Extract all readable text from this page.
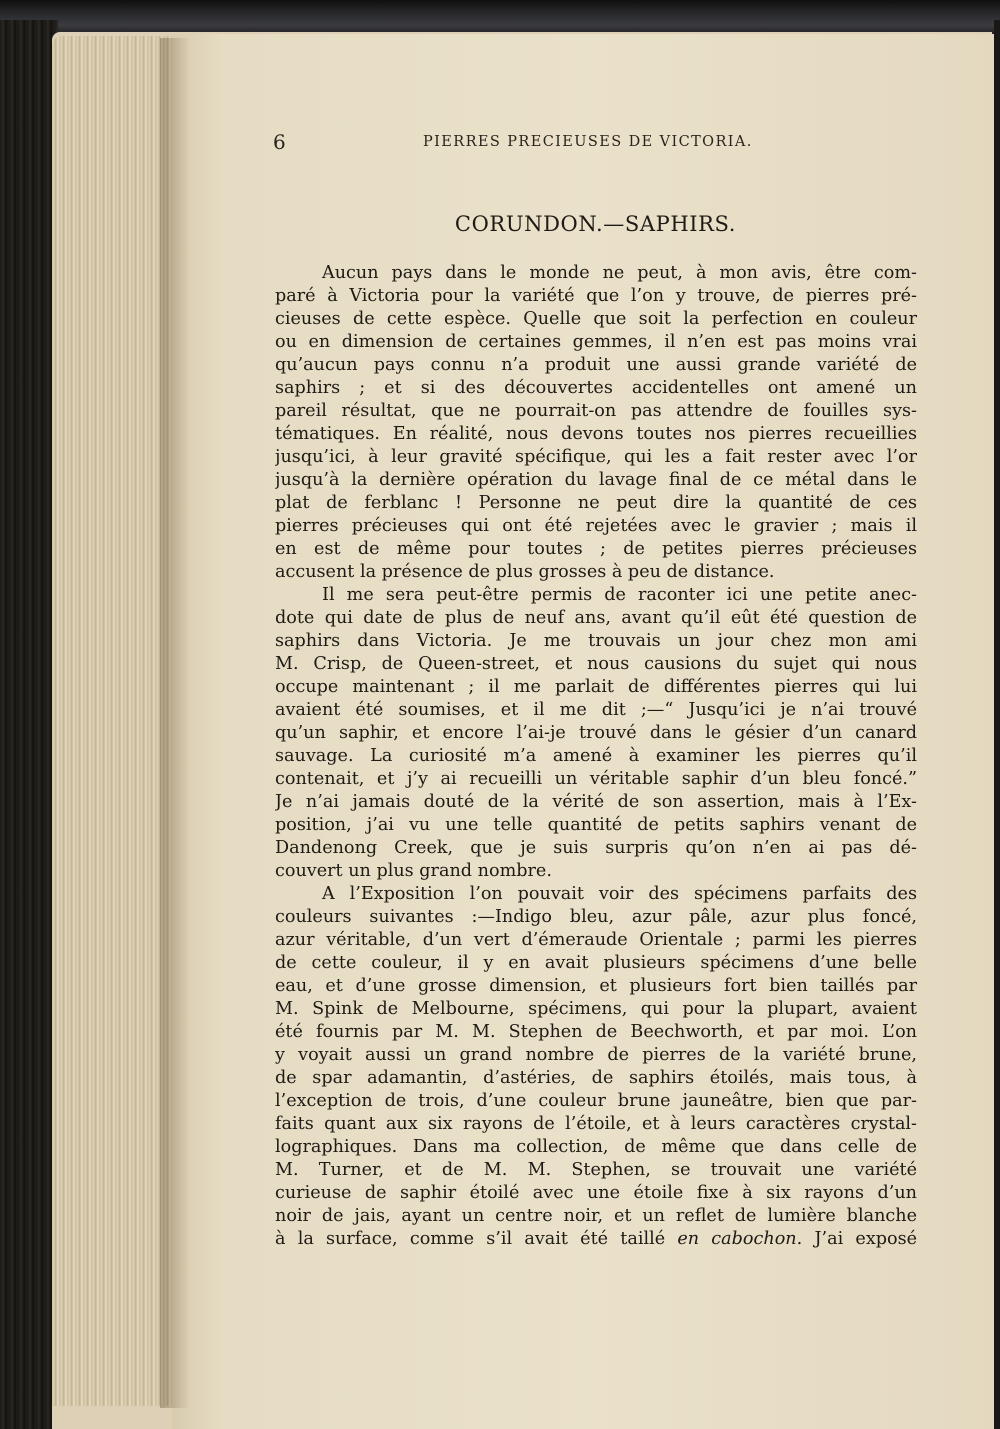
6	PIERRES PRECIEUSES DE VICTORIA.
CORUNDON.—SAPHIRS.
Aucun pays dans le monde ne peut, à mon avis, être com-
paré à Victoria pour la variété que l’on y trouve, de pierres pré-
cieuses de cette espèce. Quelle que soit la perfection en couleur
ou en dimension de certaines gemmes, il n’en est pas moins vrai
qu’aucun pays connu n’a produit une aussi grande variété de
saphirs ; et si des découvertes accidentelles ont amené un
pareil résultat, que ne pourrait-on pas attendre de fouilles sys-
tématiques. En réalité, nous devons toutes nos pierres recueillies
jusqu’ici, à leur gravité spécifique, qui les a fait rester avec l’or
jusqu’à la dernière opération du lavage final de ce métal dans le
plat de ferblanc ! Personne ne peut dire la quantité de ces
pierres précieuses qui ont été rejetées avec le gravier ; mais il
en est de même pour toutes ; de petites pierres précieuses
accusent la présence de plus grosses à peu de distance.
Il me sera peut-être permis de raconter ici une petite anec-
dote qui date de plus de neuf ans, avant qu’il eût été question de
saphirs dans Victoria. Je me trouvais un jour chez mon ami
M. Crisp, de Queen-street, et nous causions du sujet qui nous
occupe maintenant ; il me parlait de différentes pierres qui lui
avaient été soumises, et il me dit ;—“ Jusqu’ici je n’ai trouvé
qu’un saphir, et encore l’ai-je trouvé dans le gésier d’un canard
sauvage. La curiosité m’a amené à examiner les pierres qu’il
contenait, et j’y ai recueilli un véritable saphir d’un bleu foncé.”
Je n’ai jamais douté de la vérité de son assertion, mais à l’Ex-
position, j’ai vu une telle quantité de petits saphirs venant de
Dandenong Creek, que je suis surpris qu’on n’en ai pas dé-
couvert un plus grand nombre.
A l’Exposition l’on pouvait voir des spécimens parfaits des
couleurs suivantes :—Indigo bleu, azur pâle, azur plus foncé,
azur véritable, d’un vert d’émeraude Orientale ; parmi les pierres
de cette couleur, il y en avait plusieurs spécimens d’une belle
eau, et d’une grosse dimension, et plusieurs fort bien taillés par
M. Spink de Melbourne, spécimens, qui pour la plupart, avaient
été fournis par M. M. Stephen de Beechworth, et par moi. L’on
y voyait aussi un grand nombre de pierres de la variété brune,
de spar adamantin, d’astéries, de saphirs étoilés, mais tous, à
l’exception de trois, d’une couleur brune jauneâtre, bien que par-
faits quant aux six rayons de l’étoile, et à leurs caractères crystal-
lographiques. Dans ma collection, de même que dans celle de
M. Turner, et de M. M. Stephen, se trouvait une variété
curieuse de saphir étoilé avec une étoile fixe à six rayons d’un
noir de jais, ayant un centre noir, et un reflet de lumière blanche
à la surface, comme s’il avait été taillé en cabochon. J’ai exposé
